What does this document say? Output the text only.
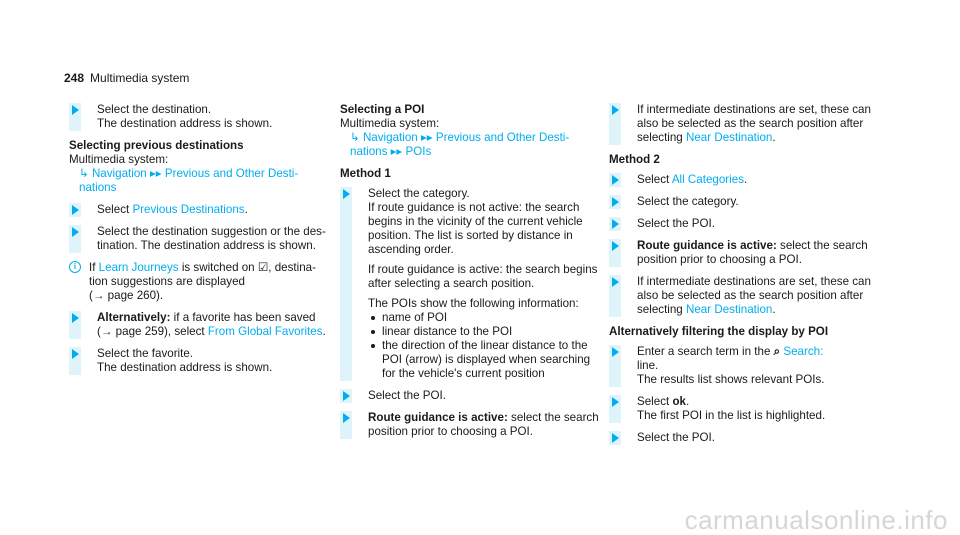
248 Multimedia system
Select the destination.
The destination address is shown.
Selecting previous destinations
Multimedia system:
↳ Navigation ▸▸ Previous and Other Desti-
nations
Select Previous Destinations.
Select the destination suggestion or the des-
tination. The destination address is shown.
i	If Learn Journeys is switched on ☑, destina-
tion suggestions are displayed
(→ page 260).
Alternatively: if a favorite has been saved
(→ page 259), select From Global Favorites.
Select the favorite.
The destination address is shown.
Selecting a POI
Multimedia system:
↳ Navigation ▸▸ Previous and Other Desti-
nations ▸▸ POIs
Method 1
Select the category.
If route guidance is not active: the search begins in the vicinity of the current vehicle position. The list is sorted by distance in ascending order.
If route guidance is active: the search begins after selecting a search position.
The POIs show the following information:
name of POI
linear distance to the POI
the direction of the linear distance to the POI (arrow) is displayed when searching for the vehicle's current position
Select the POI.
Route guidance is active: select the search position prior to choosing a POI.
If intermediate destinations are set, these can also be selected as the search position after selecting Near Destination.
Method 2
Select All Categories.
Select the category.
Select the POI.
Route guidance is active: select the search position prior to choosing a POI.
If intermediate destinations are set, these can also be selected as the search position after selecting Near Destination.
Alternatively filtering the display by POI
Enter a search term in the ⌕ Search:
line.
The results list shows relevant POIs.
Select ok.
The first POI in the list is highlighted.
Select the POI.
carmanualsonline.info
